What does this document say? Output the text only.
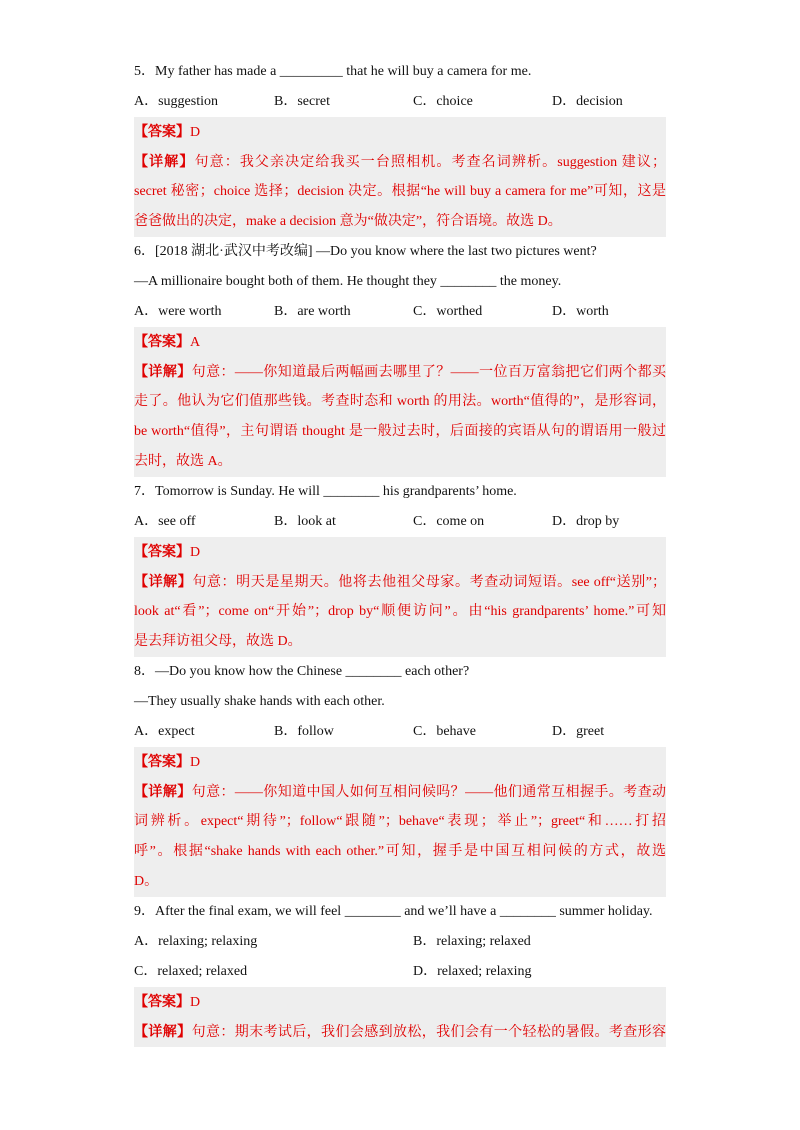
5．My father has made a _________ that he will buy a camera for me.
A．suggestion	B．secret	C．choice	D．decision
【答案】D
【详解】句意：我父亲决定给我买一台照相机。考查名词辨析。suggestion 建议；
secret 秘密；choice 选择；decision 决定。根据“he will buy a camera for me”可知，这是
爸爸做出的决定，make a decision 意为“做决定”，符合语境。故选 D。
6．[2018 湖北·武汉中考改编] —Do you know where the last two pictures went?
—A millionaire bought both of them. He thought they ________ the money.
A．were worth	B．are worth	C．worthed	D．worth
【答案】A
【详解】句意：——你知道最后两幅画去哪里了？——一位百万富翁把它们两个都买
走了。他认为它们值那些钱。考查时态和 worth 的用法。worth“值得的”，是形容词，
be worth“值得”，主句谓语 thought 是一般过去时，后面接的宾语从句的谓语用一般过
去时，故选 A。
7．Tomorrow is Sunday. He will ________ his grandparents’ home.
A．see off	B．look at	C．come on	D．drop by
【答案】D
【详解】句意：明天是星期天。他将去他祖父母家。考查动词短语。see off“送别”；
look at“看”；come on“开始”；drop by“顺便访问”。由“his grandparents’ home.”可知
是去拜访祖父母，故选 D。
8．—Do you know how the Chinese ________ each other?
—They usually shake hands with each other.
A．expect	B．follow	C．behave	D．greet
【答案】D
【详解】句意：——你知道中国人如何互相问候吗？——他们通常互相握手。考查动
词辨析。expect“期待”；follow“跟随”；behave“表现；举止”；greet“和……打招
呼”。根据“shake hands with each other.”可知，握手是中国互相问候的方式，故选
D。
9．After the final exam, we will feel ________ and we’ll have a ________ summer holiday.
A．relaxing; relaxing	B．relaxing; relaxed
C．relaxed; relaxed	D．relaxed; relaxing
【答案】D
【详解】句意：期末考试后，我们会感到放松，我们会有一个轻松的暑假。考查形容
